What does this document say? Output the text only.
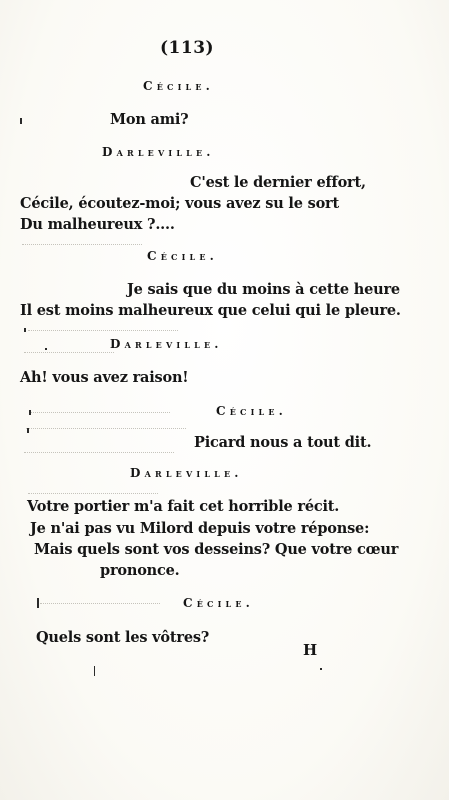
(113)
Cécile.
Mon ami?
Darleville.
C'est le dernier effort,
Cécile, écoutez-moi; vous avez su le sort
Du malheureux ?....
Cécile.
Je sais que du moins à cette heure
Il est moins malheureux que celui qui le pleure.
Darleville.
Ah! vous avez raison!
Cécile.
Picard nous a tout dit.
Darleville.
Votre portier m'a fait cet horrible récit.
Je n'ai pas vu Milord depuis votre réponse:
Mais quels sont vos desseins? Que votre cœur
prononce.
Cécile.
Quels sont les vôtres?
H
